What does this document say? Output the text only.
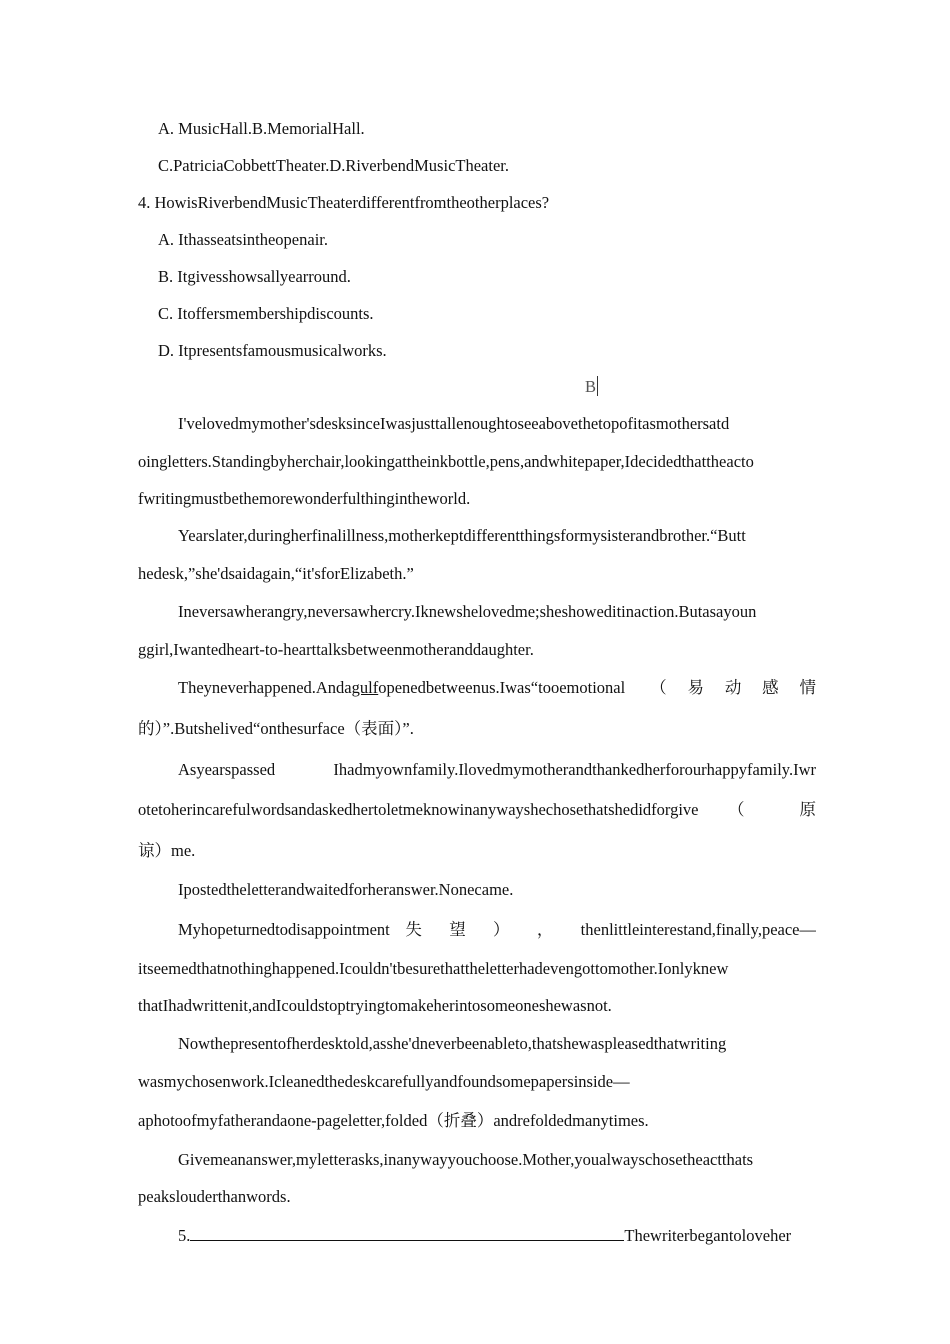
A. MusicHall.B.MemorialHall.
C.PatriciaCobbettTheater.D.RiverbendMusicTheater.
4. HowisRiverbendMusicTheaterdifferentfromtheotherplaces?
A. Ithasseatsintheopenair.
B. Itgivesshowsallyearround.
C. Itoffersmembershipdiscounts.
D. Itpresentsfamousmusicalworks.
B
I'velovedmymother'sdesksinceIwasjusttallenoughtoseeabovethetopofitasmothersatd
oingletters.Standingbyherchair,lookingattheinkbottle,pens,andwhitepaper,Idecidedthattheacto
fwritingmustbethemorewonderfulthingintheworld.
Yearslater,duringherfinalillness,motherkeptdifferentthingsformysisterandbrother.“Butt
hedesk,”she'dsaidagain,“it'sforElizabeth.”
Ineversawherangry,neversawhercry.Iknewshelovedme;sheshoweditinaction.Butasayoun
ggirl,Iwantedheart-to-hearttalksbetweenmotheranddaughter.
Theyneverhappened.Andagulfopenedbetweenus.Iwas“tooemotional （易动感情
的）”.Butshelived“onthesurface（表面）”.
Asyearspassed Ihadmyownfamily.Ilovedmymotherandthankedherforourhappyfamily.Iwr
otetoherincarefulwordsandaskedhertoletmeknowinanywayshechosethatshedidforgive （ 原
谅）me.
Ipostedtheletterandwaitedforheranswer.Nonecame.
Myhopeturnedtodisappointment 失 望 ） ， thenlittleinterestand,finally,peace—
itseemedthatnothinghappened.Icouldn'tbesurethattheletterhadevengottomother.Ionlyknew
thatIhadwrittenit,andIcouldstoptryingtomakeherintosomeoneshewasnot.
Nowthepresentofherdesktold,asshe'dneverbeenableto,thatshewaspleasedthatwriting
wasmychosenwork.Icleanedthedeskcarefullyandfoundsomepapersinside—
aphotoofmyfatherandaone-pageletter,folded（折叠）andrefoldedmanytimes.
Givemeananswer,myletterasks,inanywayyouchoose.Mother,youalwayschosetheactthats
peakslouderthanwords.
5.	Thewriterbegantoloveher
